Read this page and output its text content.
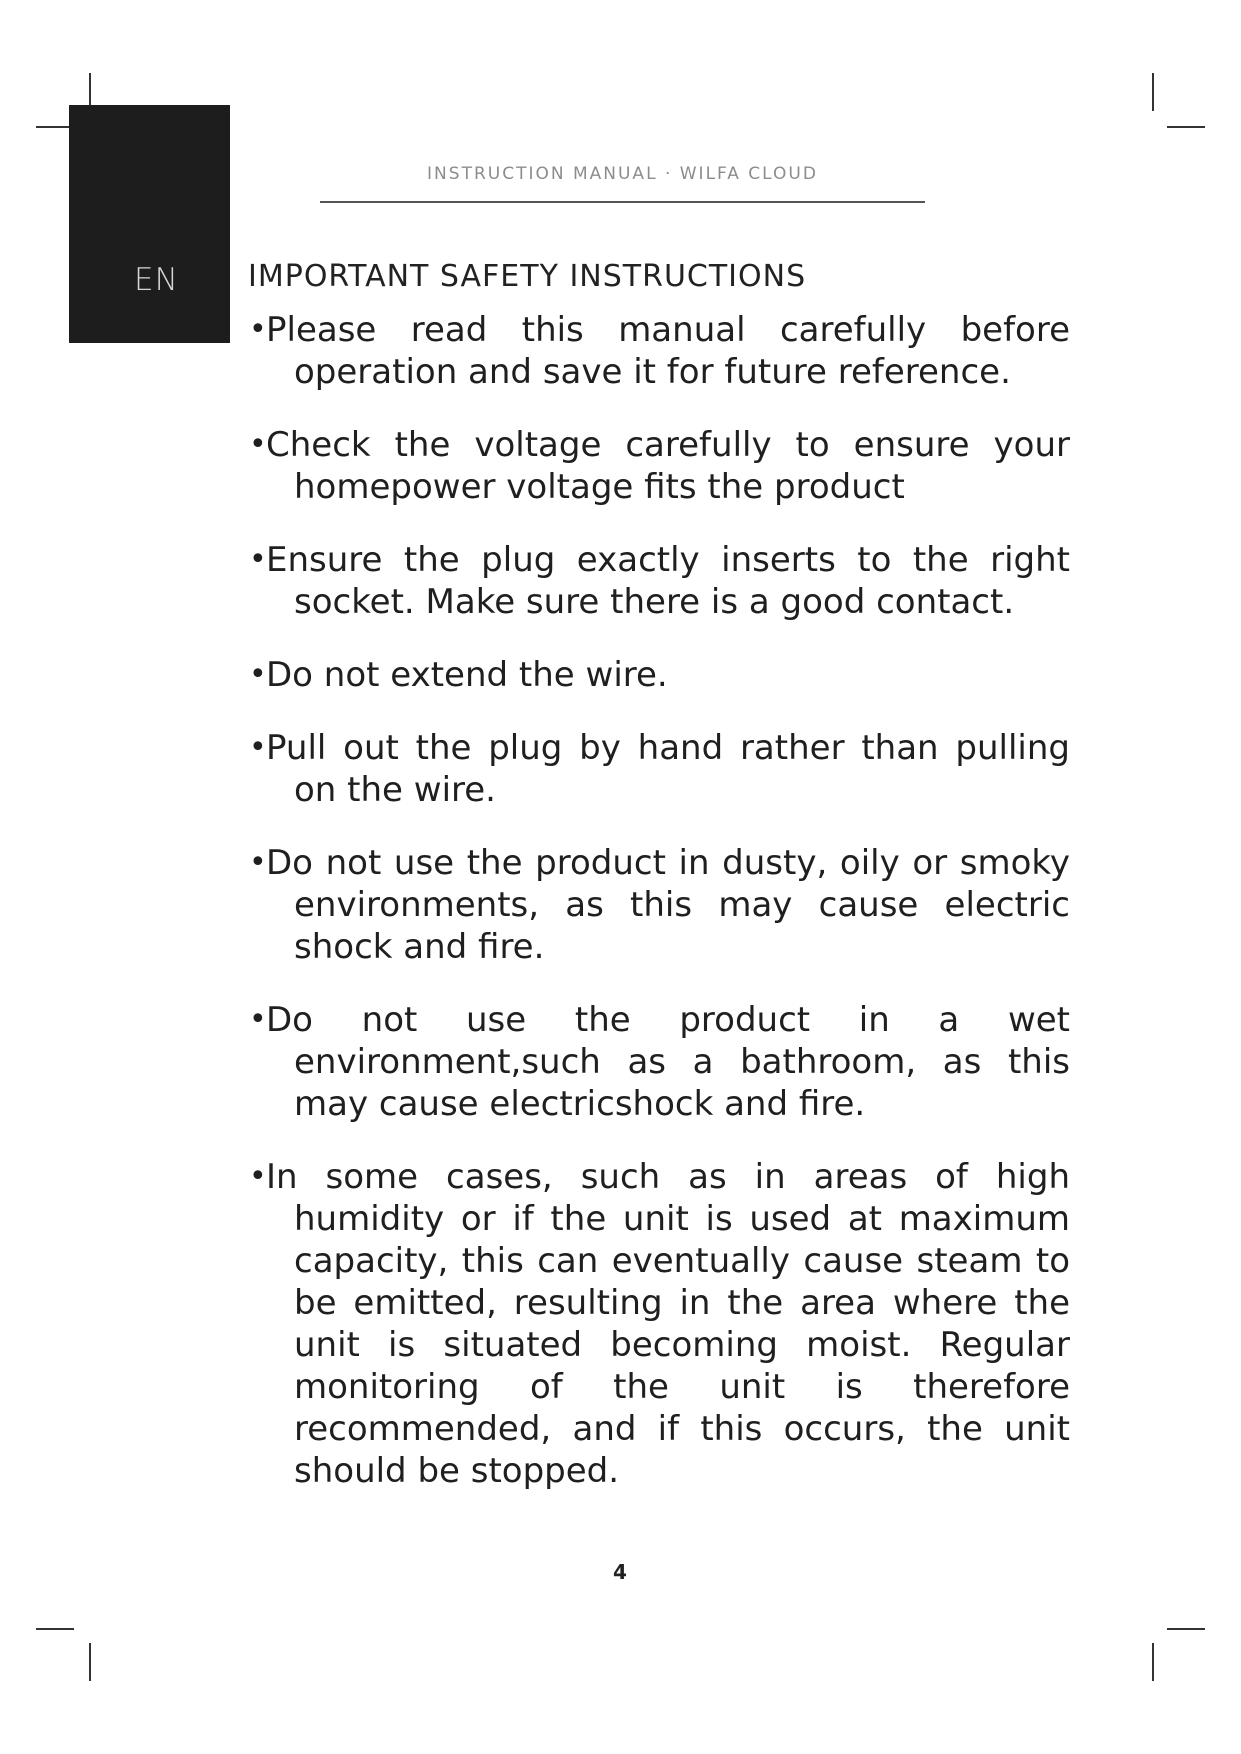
EN
INSTRUCTION MANUAL · WILFA CLOUD
IMPORTANT SAFETY INSTRUCTIONS
• Please read this manual carefully before operation and save it for future reference.
• Check the voltage carefully to ensure your homepower voltage fits the product
• Ensure the plug exactly inserts to the right socket. Make sure there is a good contact.
• Do not extend the wire.
• Pull out the plug by hand rather than pulling on the wire.
• Do not use the product in dusty, oily or smoky environments, as this may cause electric shock and fire.
• Do not use the product in a wet environment,such as a bathroom, as this may cause electricshock and fire.
• In some cases, such as in areas of high humidity or if the unit is used at maximum capacity, this can eventually cause steam to be emitted, resulting in the area where the unit is situated becoming moist. Regular monitoring of the unit is therefore recommended, and if this occurs, the unit should be stopped.
4
